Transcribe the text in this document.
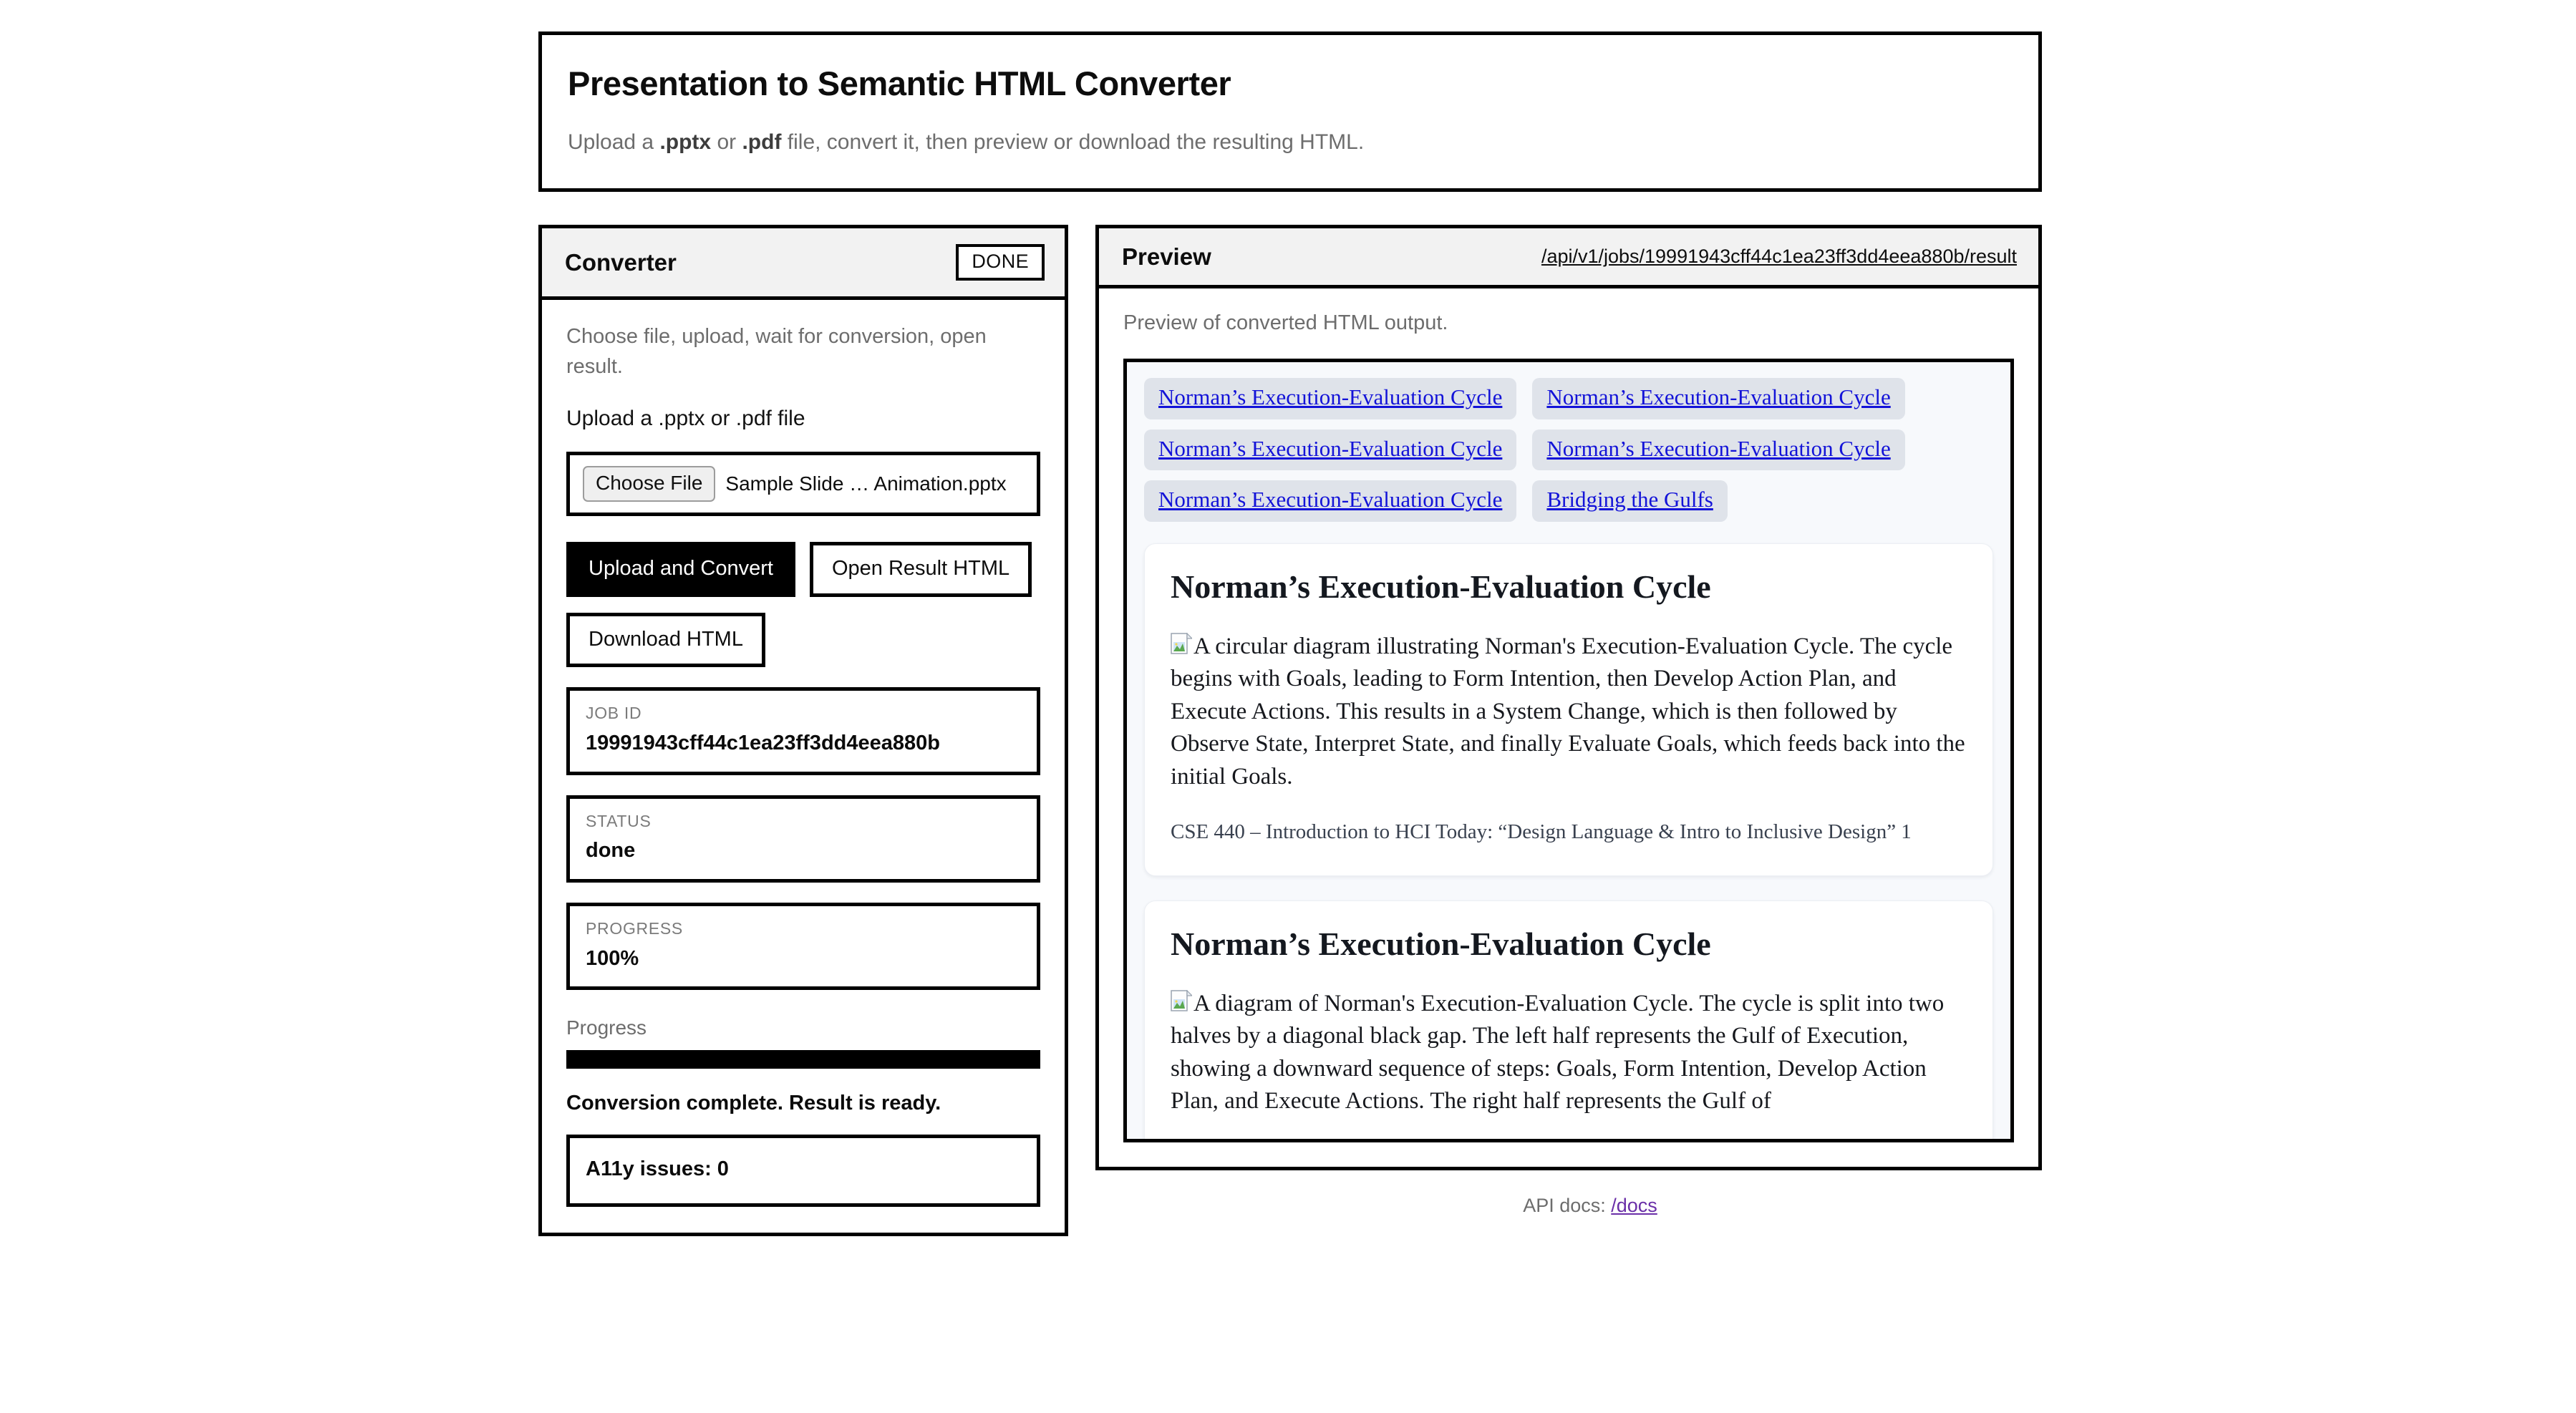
Presentation to Semantic HTML Converter

Upload a .pptx or .pdf file, convert it, then preview or download the resulting HTML.

Converter	DONE

Choose file, upload, wait for conversion, open result.

Upload a .pptx or .pdf file

Choose File	Sample Slide … Animation.pptx
Upload and Convert	Open Result HTML
Download HTML
JOB ID
19991943cff44c1ea23ff3dd4eea880b
STATUS
done
PROGRESS
100%
Progress
Conversion complete. Result is ready.
A11y issues: 0
Preview	/api/v1/jobs/19991943cff44c1ea23ff3dd4eea880b/result

Preview of converted HTML output.

Norman’s Execution-Evaluation Cycle	Norman’s Execution-Evaluation Cycle
Norman’s Execution-Evaluation Cycle	Norman’s Execution-Evaluation Cycle
Norman’s Execution-Evaluation Cycle	Bridging the Gulfs
Norman’s Execution-Evaluation Cycle

A circular diagram illustrating Norman's Execution-Evaluation Cycle. The cycle begins with Goals, leading to Form Intention, then Develop Action Plan, and Execute Actions. This results in a System Change, which is then followed by Observe State, Interpret State, and finally Evaluate Goals, which feeds back into the initial Goals.

CSE 440 – Introduction to HCI Today: “Design Language & Intro to Inclusive Design” 1

Norman’s Execution-Evaluation Cycle

A diagram of Norman's Execution-Evaluation Cycle. The cycle is split into two halves by a diagonal black gap. The left half represents the Gulf of Execution, showing a downward sequence of steps: Goals, Form Intention, Develop Action Plan, and Execute Actions. The right half represents the Gulf of

API docs: /docs
